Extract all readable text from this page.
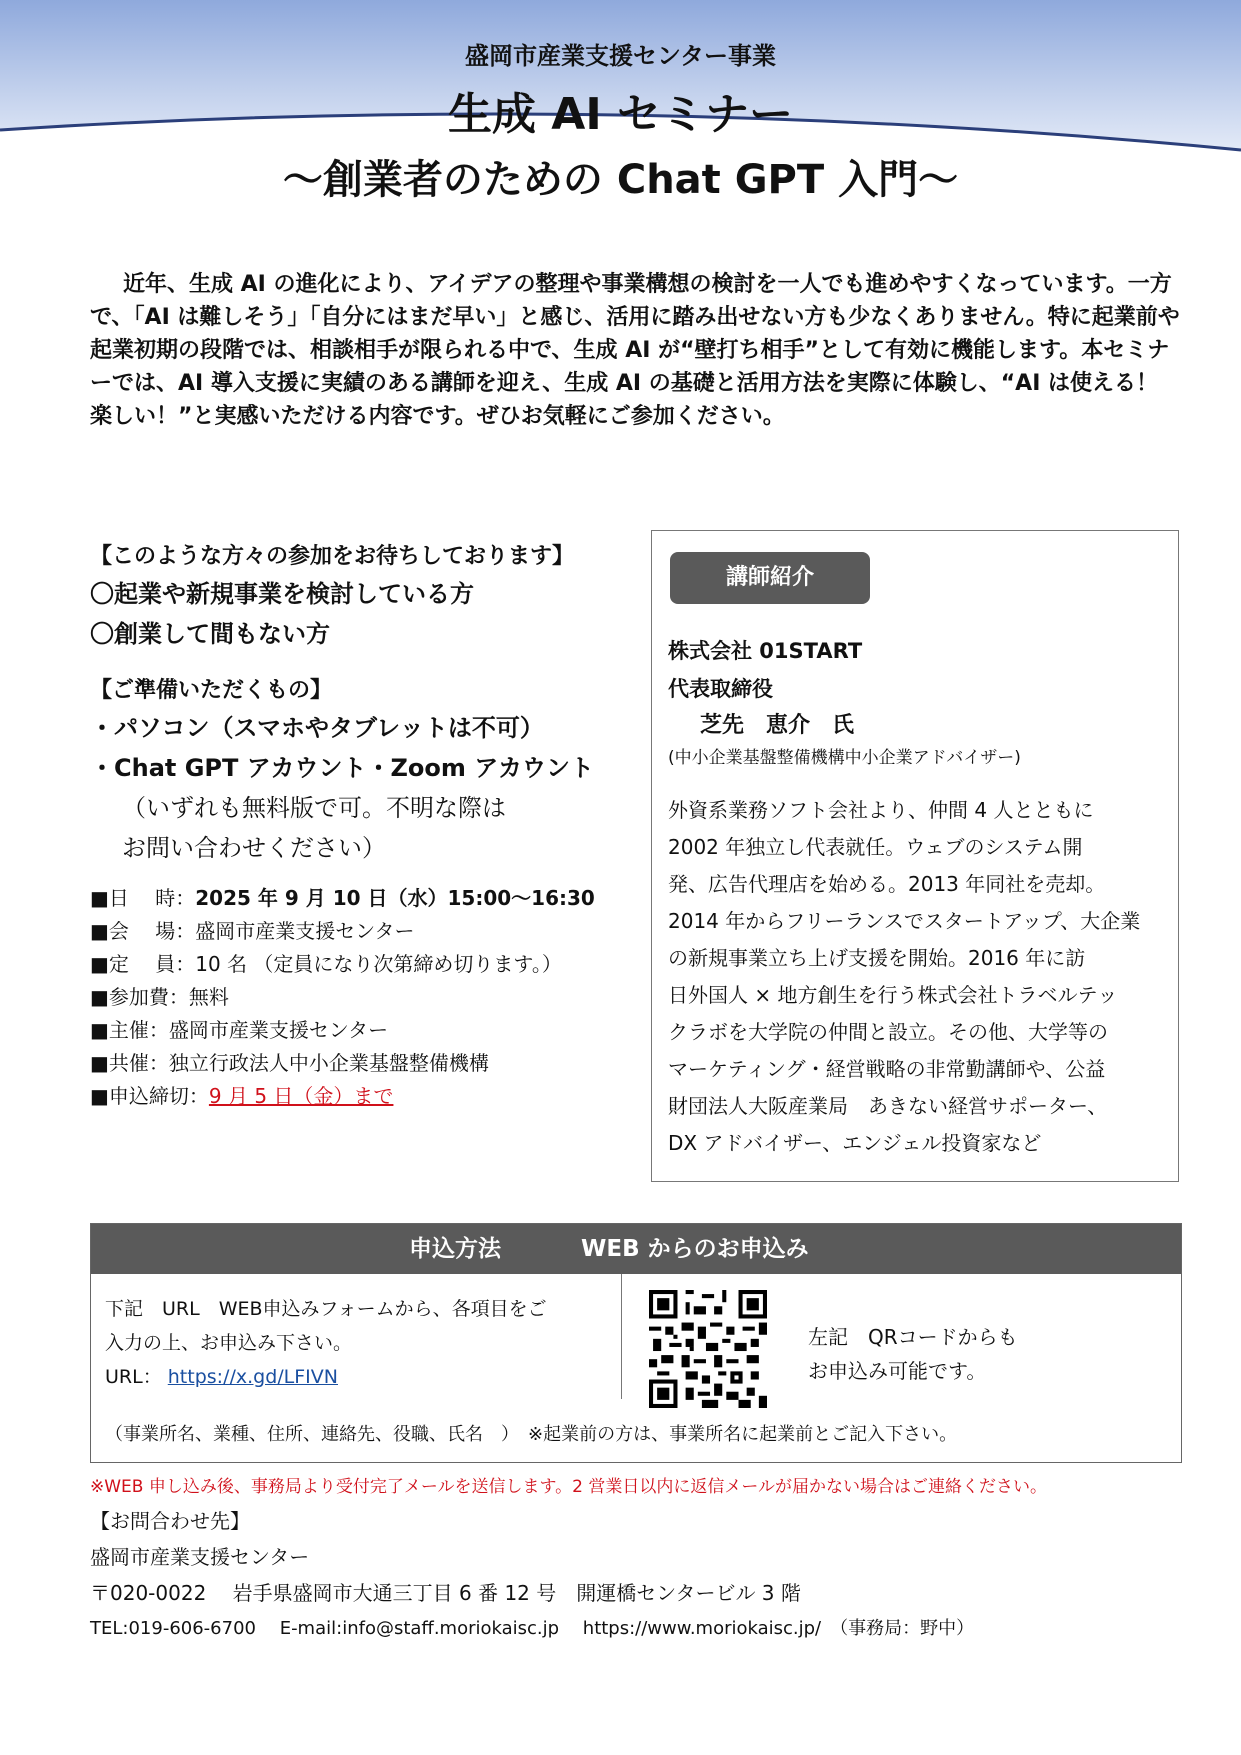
盛岡市産業支援センター事業
生成 AI セミナー
～創業者のための Chat GPT 入門～
近年、生成 AI の進化により、アイデアの整理や事業構想の検討を一人でも進めやすくなっています。一方で、「AI は難しそう」「自分にはまだ早い」と感じ、活用に踏み出せない方も少なくありません。特に起業前や起業初期の段階では、相談相手が限られる中で、生成 AI が“壁打ち相手”として有効に機能します。本セミナーでは、AI 導入支援に実績のある講師を迎え、生成 AI の基礎と活用方法を実際に体験し、“AI は使える！楽しい！”と実感いただける内容です。ぜひお気軽にご参加ください。
【このような方々の参加をお待ちしております】
〇起業や新規事業を検討している方
〇創業して間もない方
【ご準備いただくもの】
・パソコン（スマホやタブレットは不可）
・Chat GPT アカウント・Zoom アカウント
（いずれも無料版で可。不明な際は
お問い合わせください）
■日　 時：2025 年 9 月 10 日（水）15:00～16:30
■会　 場：盛岡市産業支援センター
■定　 員：10 名 （定員になり次第締め切ります。）
■参加費：無料
■主催：盛岡市産業支援センター
■共催：独立行政法人中小企業基盤整備機構
■申込締切：9 月 5 日（金）まで
講師紹介
株式会社 01START
代表取締役
芝先　恵介　氏
(中小企業基盤整備機構中小企業アドバイザー)
外資系業務ソフト会社より、仲間 4 人とともに
2002 年独立し代表就任。ウェブのシステム開
発、広告代理店を始める。2013 年同社を売却。
2014 年からフリーランスでスタートアップ、大企業
の新規事業立ち上げ支援を開始。2016 年に訪
日外国人 × 地方創生を行う株式会社トラベルテッ
クラボを大学院の仲間と設立。その他、大学等の
マーケティング・経営戦略の非常勤講師や、公益
財団法人大阪産業局　あきない経営サポーター、
DX アドバイザー、エンジェル投資家など
申込方法	WEB からのお申込み
下記　URL　WEB申込みフォームから、各項目をご
入力の上、お申込み下さい。
URL： https://x.gd/LFIVN
左記　QRコードからも
お申込み可能です。
（事業所名、業種、住所、連絡先、役職、氏名　）　※起業前の方は、事業所名に起業前とご記入下さい。
※WEB 申し込み後、事務局より受付完了メールを送信します。2 営業日以内に返信メールが届かない場合はご連絡ください。
【お問合わせ先】
盛岡市産業支援センター
〒020-0022　 岩手県盛岡市大通三丁目 6 番 12 号　開運橋センタービル 3 階
TEL:019-606-6700　 E-mail:info@staff.moriokaisc.jp　 https://www.moriokaisc.jp/　（事務局：野中）
